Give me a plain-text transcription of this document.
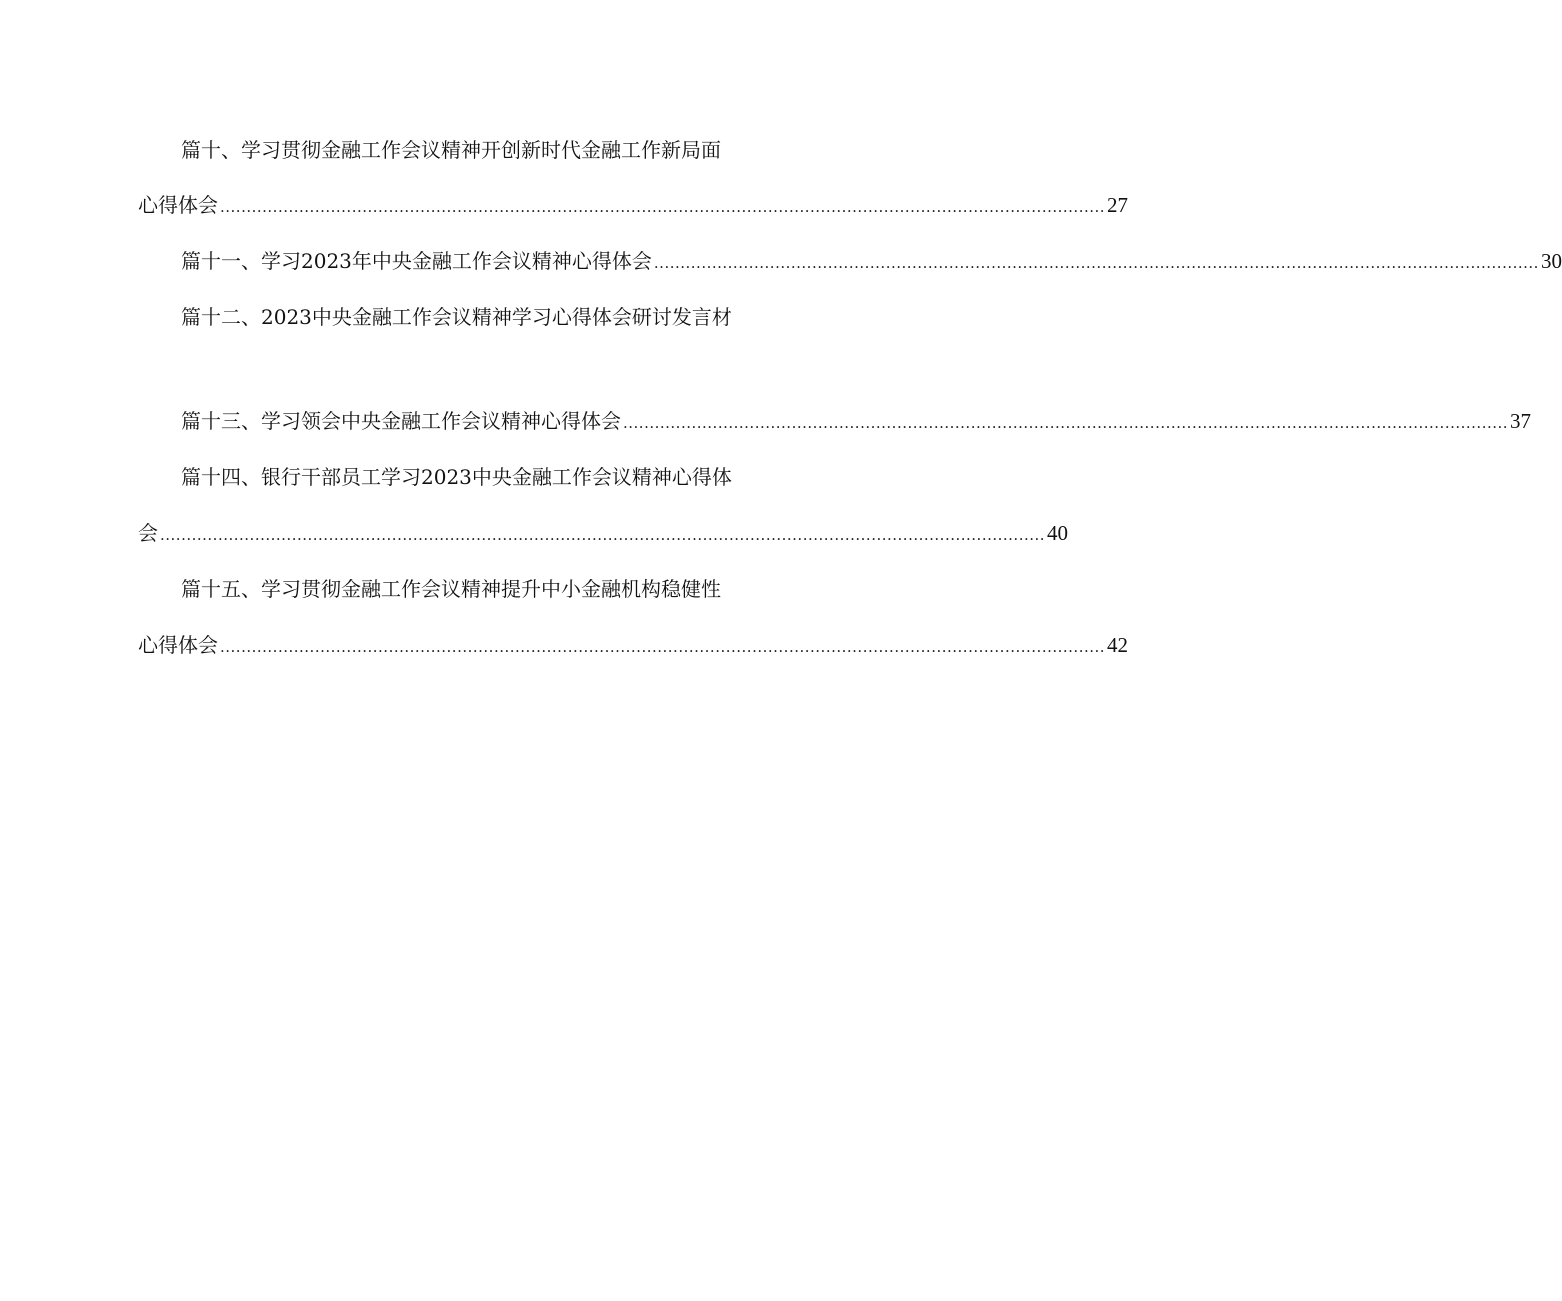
篇十、学习贯彻金融工作会议精神开创新时代金融工作新局面
心得体会 ........................................................................................................................................................................ 27
篇十一、学习2023年中央金融工作会议精神心得体会 ........................................................................................................................................................................ 30
篇十二、2023中央金融工作会议精神学习心得体会研讨发言材
篇十三、学习领会中央金融工作会议精神心得体会 ........................................................................................................................................................................ 37
篇十四、银行干部员工学习2023中央金融工作会议精神心得体
会 ........................................................................................................................................................................ 40
篇十五、学习贯彻金融工作会议精神提升中小金融机构稳健性
心得体会 ........................................................................................................................................................................ 42
